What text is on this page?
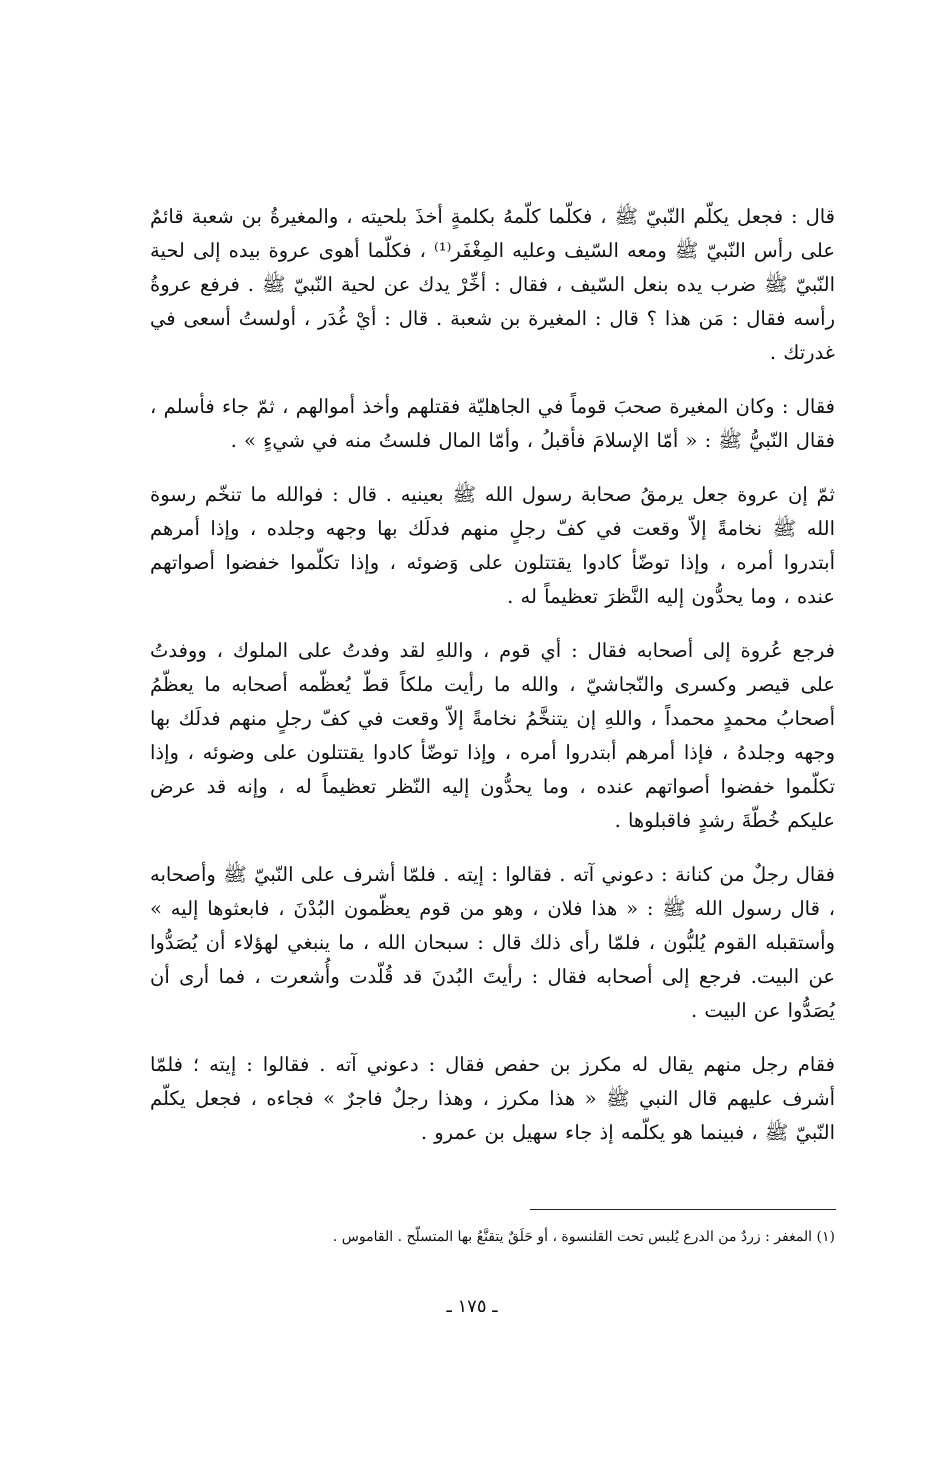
قال : فجعل يكلّم النّبيّ ﷺ ، فكلّما كلّمهُ بكلمةٍ أخذَ بلحيته ، والمغيرةُ بن شعبة قائمٌ على رأس النّبيّ ﷺ ومعه السّيف وعليه المِغْفَر⁽¹⁾ ، فكلّما أهوى عروة بيده إلى لحية النّبيّ ﷺ ضرب يده بنعل السّيف ، فقال : أخِّرْ يدك عن لحية النّبيّ ﷺ . فرفع عروةُ رأسه فقال : مَن هذا ؟ قال : المغيرة بن شعبة . قال : أيْ غُدَر ، أولستُ أسعى في غدرتك .

فقال : وكان المغيرة صحبَ قوماً في الجاهليّة فقتلهم وأخذ أموالهم ، ثمّ جاء فأسلم ، فقال النّبيُّ ﷺ : « أمّا الإسلامَ فأقبلُ ، وأمّا المال فلستُ منه في شيءٍ » .

ثمّ إن عروة جعل يرمقُ صحابة رسول الله ﷺ بعينيه . قال : فوالله ما تنخّم رسوة الله ﷺ نخامةً إلاّ وقعت في كفّ رجلٍ منهم فدلَك بها وجهه وجلده ، وإذا أمرهم أبتدروا أمره ، وإذا توضّأ كادوا يقتتلون على وَضوئه ، وإذا تكلّموا خفضوا أصواتهم عنده ، وما يحدُّون إليه النَّظرَ تعظيماً له .

فرجع عُروة إلى أصحابه فقال : أي قوم ، واللهِ لقد وفدتُ على الملوك ، ووفدتُ على قيصر وكسرى والنّجاشيّ ، والله ما رأيت ملكاً قطّ يُعظّمه أصحابه ما يعظّمُ أصحابُ محمدٍ محمداً ، واللهِ إن يتنخَّمُ نخامةً إلاّ وقعت في كفّ رجلٍ منهم فدلَك بها وجهه وجلدهُ ، فإذا أمرهم أبتدروا أمره ، وإذا توضّأ كادوا يقتتلون على وضوئه ، وإذا تكلّموا خفضوا أصواتهم عنده ، وما يحدُّون إليه النّظر تعظيماً له ، وإنه قد عرض عليكم خُطّةَ رشدٍ فاقبلوها .

فقال رجلٌ من كنانة : دعوني آته . فقالوا : إيته . فلمّا أشرف على النّبيّ ﷺ وأصحابه ، قال رسول الله ﷺ : « هذا فلان ، وهو من قوم يعظّمون البُدْنَ ، فابعثوها إليه » وأستقبله القوم يُلبُّون ، فلمّا رأى ذلك قال : سبحان الله ، ما ينبغي لهؤلاء أن يُصَدُّوا عن البيت. فرجع إلى أصحابه فقال : رأيتَ البُدنَ قد قُلّدت وأُشعرت ، فما أرى أن يُصَدُّوا عن البيت .

فقام رجل منهم يقال له مكرز بن حفص فقال : دعوني آته . فقالوا : إيته ؛ فلمّا أشرف عليهم قال النبي ﷺ « هذا مكرز ، وهذا رجلٌ فاجرٌ » فجاءه ، فجعل يكلّم النّبيّ ﷺ ، فبينما هو يكلّمه إذ جاء سهيل بن عمرو .

(١) المغفر : زردٌ من الدرع يُلبس تحت القلنسوة ، أو حَلَقٌ يتقنَّعُ بها المتسلّح . القاموس .
ـ ١٧٥ ـ
